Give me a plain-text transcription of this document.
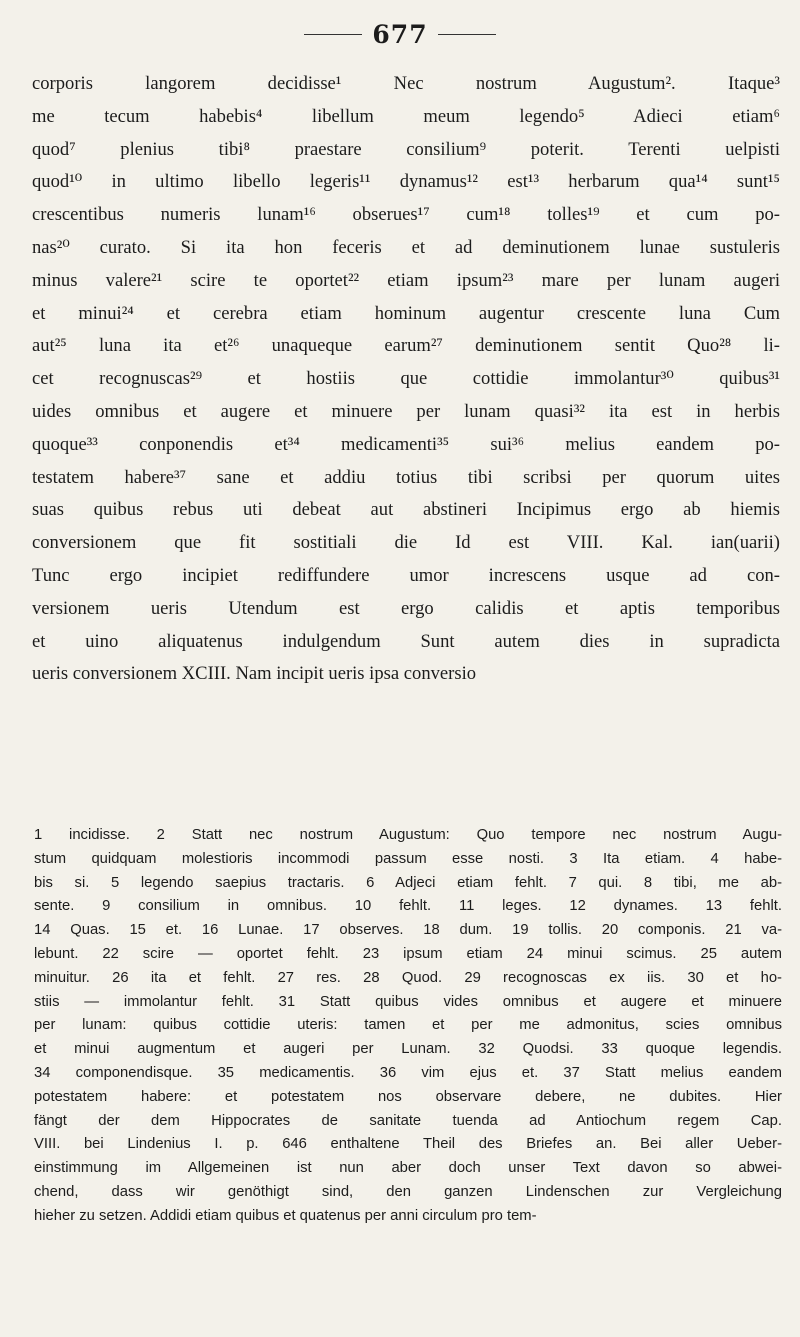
677
corporis langorem decidisse¹ Nec nostrum Augustum². Itaque³
me tecum habebis⁴ libellum meum legendo⁵ Adieci etiam⁶
quod⁷ plenius tibi⁸ praestare consilium⁹ poterit. Terenti uelpisti
quod¹⁰ in ultimo libello legeris¹¹ dynamus¹² est¹³ herbarum qua¹⁴ sunt¹⁵
crescentibus numeris lunam¹⁶ obserues¹⁷ cum¹⁸ tolles¹⁹ et cum po-
nas²⁰ curato. Si ita hon feceris et ad deminutionem lunae sustuleris
minus valere²¹ scire te oportet²² etiam ipsum²³ mare per lunam augeri
et minui²⁴ et cerebra etiam hominum augentur crescente luna Cum
aut²⁵ luna ita et²⁶ unaqueque earum²⁷ deminutionem sentit Quo²⁸ li-
cet recognuscas²⁹ et hostiis que cottidie immolantur³⁰ quibus³¹
uides omnibus et augere et minuere per lunam quasi³² ita est in herbis
quoque³³ conponendis et³⁴ medicamenti³⁵ sui³⁶ melius eandem po-
testatem habere³⁷ sane et addiu totius tibi scribsi per quorum uites
suas quibus rebus uti debeat aut abstineri Incipimus ergo ab hiemis
conversionem que fit sostitiali die Id est VIII. Kal. ian(uarii)
Tunc ergo incipiet rediffundere umor increscens usque ad con-
versionem ueris Utendum est ergo calidis et aptis temporibus
et uino aliquatenus indulgendum Sunt autem dies in supradicta
ueris conversionem XCIII. Nam incipit ueris ipsa conversio
1 incidisse. 2 Statt nec nostrum Augustum: Quo tempore nec nostrum Augu-
stum quidquam molestioris incommodi passum esse nosti. 3 Ita etiam. 4 habe-
bis si. 5 legendo saepius tractaris. 6 Adjeci etiam fehlt. 7 qui. 8 tibi, me ab-
sente. 9 consilium in omnibus. 10 fehlt. 11 leges. 12 dynames. 13 fehlt.
14 Quas. 15 et. 16 Lunae. 17 observes. 18 dum. 19 tollis. 20 componis. 21 va-
lebunt. 22 scire — oportet fehlt. 23 ipsum etiam 24 minui scimus. 25 autem
minuitur. 26 ita et fehlt. 27 res. 28 Quod. 29 recognoscas ex iis. 30 et ho-
stiis — immolantur fehlt. 31 Statt quibus vides omnibus et augere et minuere
per lunam: quibus cottidie uteris: tamen et per me admonitus, scies omnibus
et minui augmentum et augeri per Lunam. 32 Quodsi. 33 quoque legendis.
34 componendisque. 35 medicamentis. 36 vim ejus et. 37 Statt melius eandem
potestatem habere: et potestatem nos observare debere, ne dubites. Hier
fängt der dem Hippocrates de sanitate tuenda ad Antiochum regem Cap.
VIII. bei Lindenius I. p. 646 enthaltene Theil des Briefes an. Bei aller Ueber-
einstimmung im Allgemeinen ist nun aber doch unser Text davon so abwei-
chend, dass wir genöthigt sind, den ganzen Lindenschen zur Vergleichung
hieher zu setzen. Addidi etiam quibus et quatenus per anni circulum pro tem-
